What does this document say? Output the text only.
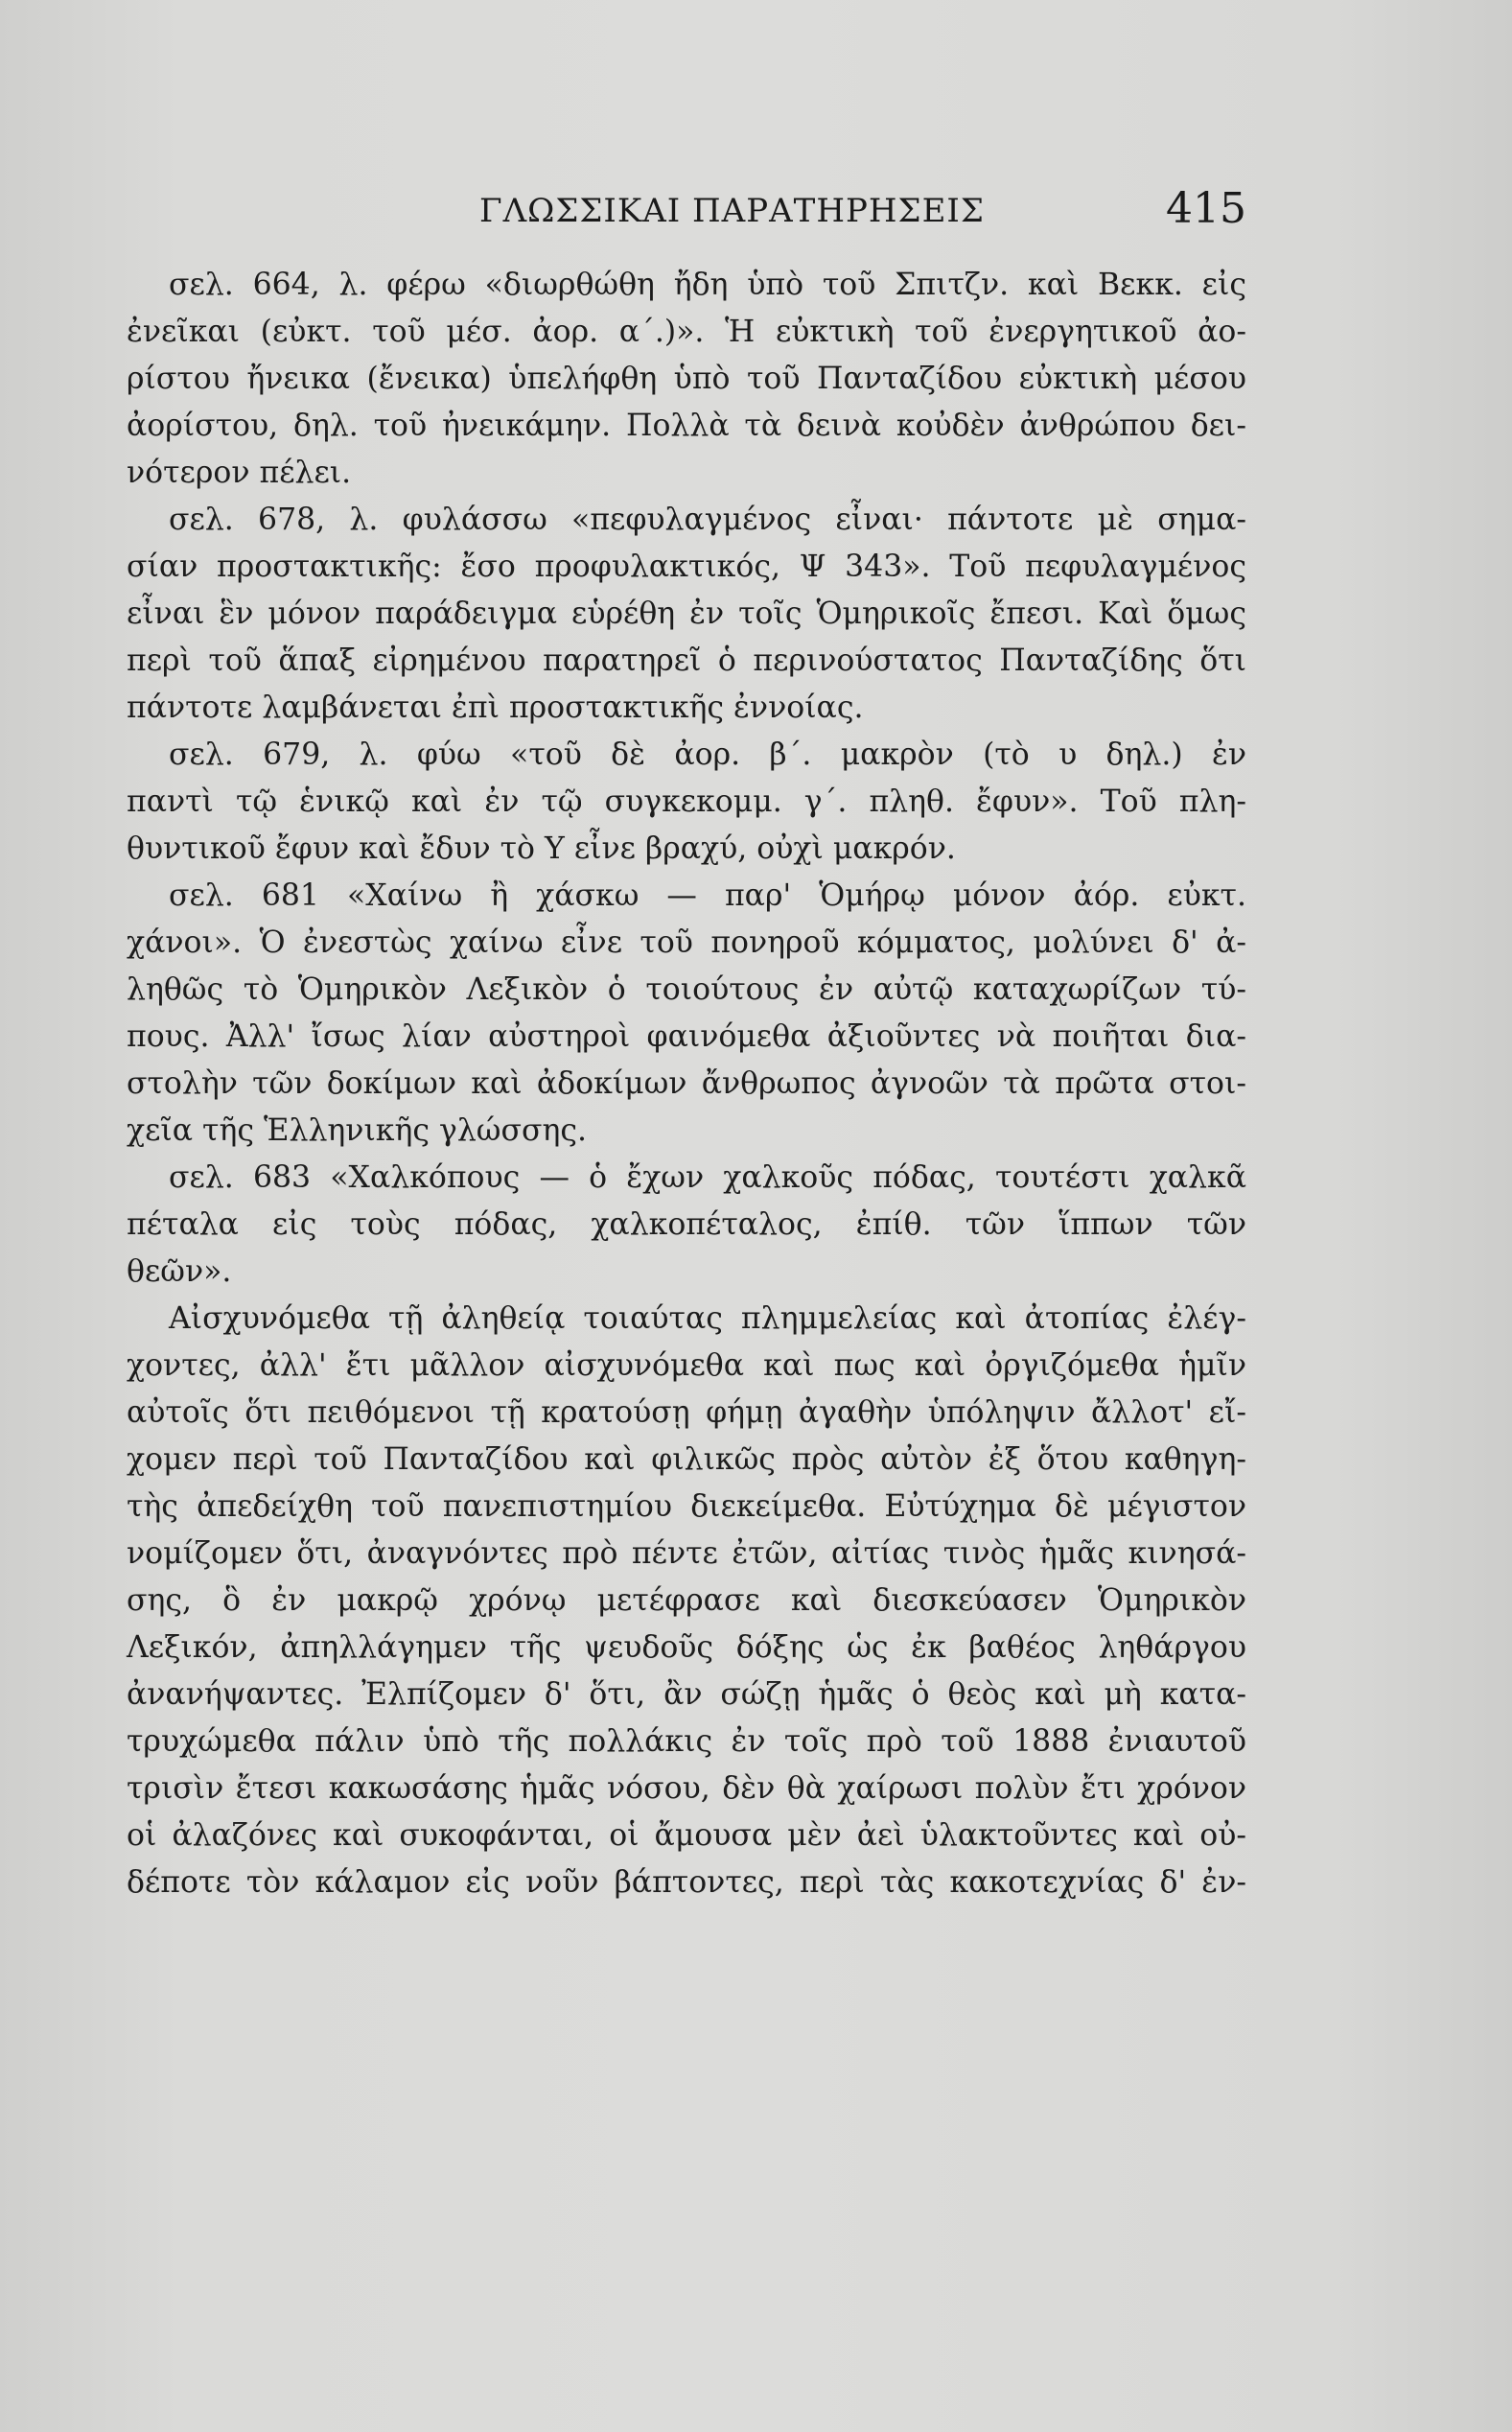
ΓΛΩΣΣΙΚΑΙ ΠΑΡΑΤΗΡΗΣΕΙΣ	415
σελ. 664, λ. φέρω «διωρθώθη ἤδη ὑπὸ τοῦ Σπιτζν. καὶ Βεκκ. εἰς
ἐνεῖκαι (εὐκτ. τοῦ μέσ. ἀορ. α΄.)». Ἡ εὐκτικὴ τοῦ ἐνεργητικοῦ ἀο-
ρίστου ἤνεικα (ἔνεικα) ὑπελήφθη ὑπὸ τοῦ Πανταζίδου εὐκτικὴ μέσου
ἀορίστου, δηλ. τοῦ ἠνεικάμην. Πολλὰ τὰ δεινὰ κοὐδὲν ἀνθρώπου δει-
νότερον πέλει.
σελ. 678, λ. φυλάσσω «πεφυλαγμένος εἶναι· πάντοτε μὲ σημα-
σίαν προστακτικῆς: ἔσο προφυλακτικός, Ψ 343». Τοῦ πεφυλαγμένος
εἶναι ἓν μόνον παράδειγμα εὑρέθη ἐν τοῖς Ὁμηρικοῖς ἔπεσι. Καὶ ὅμως
περὶ τοῦ ἅπαξ εἰρημένου παρατηρεῖ ὁ περινούστατος Πανταζίδης ὅτι
πάντοτε λαμβάνεται ἐπὶ προστακτικῆς ἐννοίας.
σελ. 679, λ. φύω «τοῦ δὲ ἀορ. β΄. μακρὸν (τὸ υ δηλ.) ἐν
παντὶ τῷ ἑνικῷ καὶ ἐν τῷ συγκεκομμ. γ΄. πληθ. ἔφυν». Τοῦ πλη-
θυντικοῦ ἔφυν καὶ ἔδυν τὸ Υ εἶνε βραχύ, οὐχὶ μακρόν.
σελ. 681 «Χαίνω ἢ χάσκω — παρ' Ὁμήρῳ μόνον ἀόρ. εὐκτ.
χάνοι». Ὁ ἐνεστὼς χαίνω εἶνε τοῦ πονηροῦ κόμματος, μολύνει δ' ἀ-
ληθῶς τὸ Ὁμηρικὸν Λεξικὸν ὁ τοιούτους ἐν αὐτῷ καταχωρίζων τύ-
πους. Ἀλλ' ἴσως λίαν αὐστηροὶ φαινόμεθα ἀξιοῦντες νὰ ποιῆται δια-
στολὴν τῶν δοκίμων καὶ ἀδοκίμων ἄνθρωπος ἀγνοῶν τὰ πρῶτα στοι-
χεῖα τῆς Ἑλληνικῆς γλώσσης.
σελ. 683 «Χαλκόπους — ὁ ἔχων χαλκοῦς πόδας, τουτέστι χαλκᾶ
πέταλα εἰς τοὺς πόδας, χαλκοπέταλος, ἐπίθ. τῶν ἵππων τῶν
θεῶν».
Αἰσχυνόμεθα τῇ ἀληθείᾳ τοιαύτας πλημμελείας καὶ ἀτοπίας ἐλέγ-
χοντες, ἀλλ' ἔτι μᾶλλον αἰσχυνόμεθα καὶ πως καὶ ὀργιζόμεθα ἡμῖν
αὐτοῖς ὅτι πειθόμενοι τῇ κρατούσῃ φήμῃ ἀγαθὴν ὑπόληψιν ἄλλοτ' εἴ-
χομεν περὶ τοῦ Πανταζίδου καὶ φιλικῶς πρὸς αὐτὸν ἐξ ὅτου καθηγη-
τὴς ἀπεδείχθη τοῦ πανεπιστημίου διεκείμεθα. Εὐτύχημα δὲ μέγιστον
νομίζομεν ὅτι, ἀναγνόντες πρὸ πέντε ἐτῶν, αἰτίας τινὸς ἡμᾶς κινησά-
σης, ὃ ἐν μακρῷ χρόνῳ μετέφρασε καὶ διεσκεύασεν Ὁμηρικὸν
Λεξικόν, ἀπηλλάγημεν τῆς ψευδοῦς δόξης ὡς ἐκ βαθέος ληθάργου
ἀνανήψαντες. Ἐλπίζομεν δ' ὅτι, ἂν σώζῃ ἡμᾶς ὁ θεὸς καὶ μὴ κατα-
τρυχώμεθα πάλιν ὑπὸ τῆς πολλάκις ἐν τοῖς πρὸ τοῦ 1888 ἐνιαυτοῦ
τρισὶν ἔτεσι κακωσάσης ἡμᾶς νόσου, δὲν θὰ χαίρωσι πολὺν ἔτι χρόνον
οἱ ἀλαζόνες καὶ συκοφάνται, οἱ ἄμουσα μὲν ἀεὶ ὑλακτοῦντες καὶ οὐ-
δέποτε τὸν κάλαμον εἰς νοῦν βάπτοντες, περὶ τὰς κακοτεχνίας δ' ἐν-
